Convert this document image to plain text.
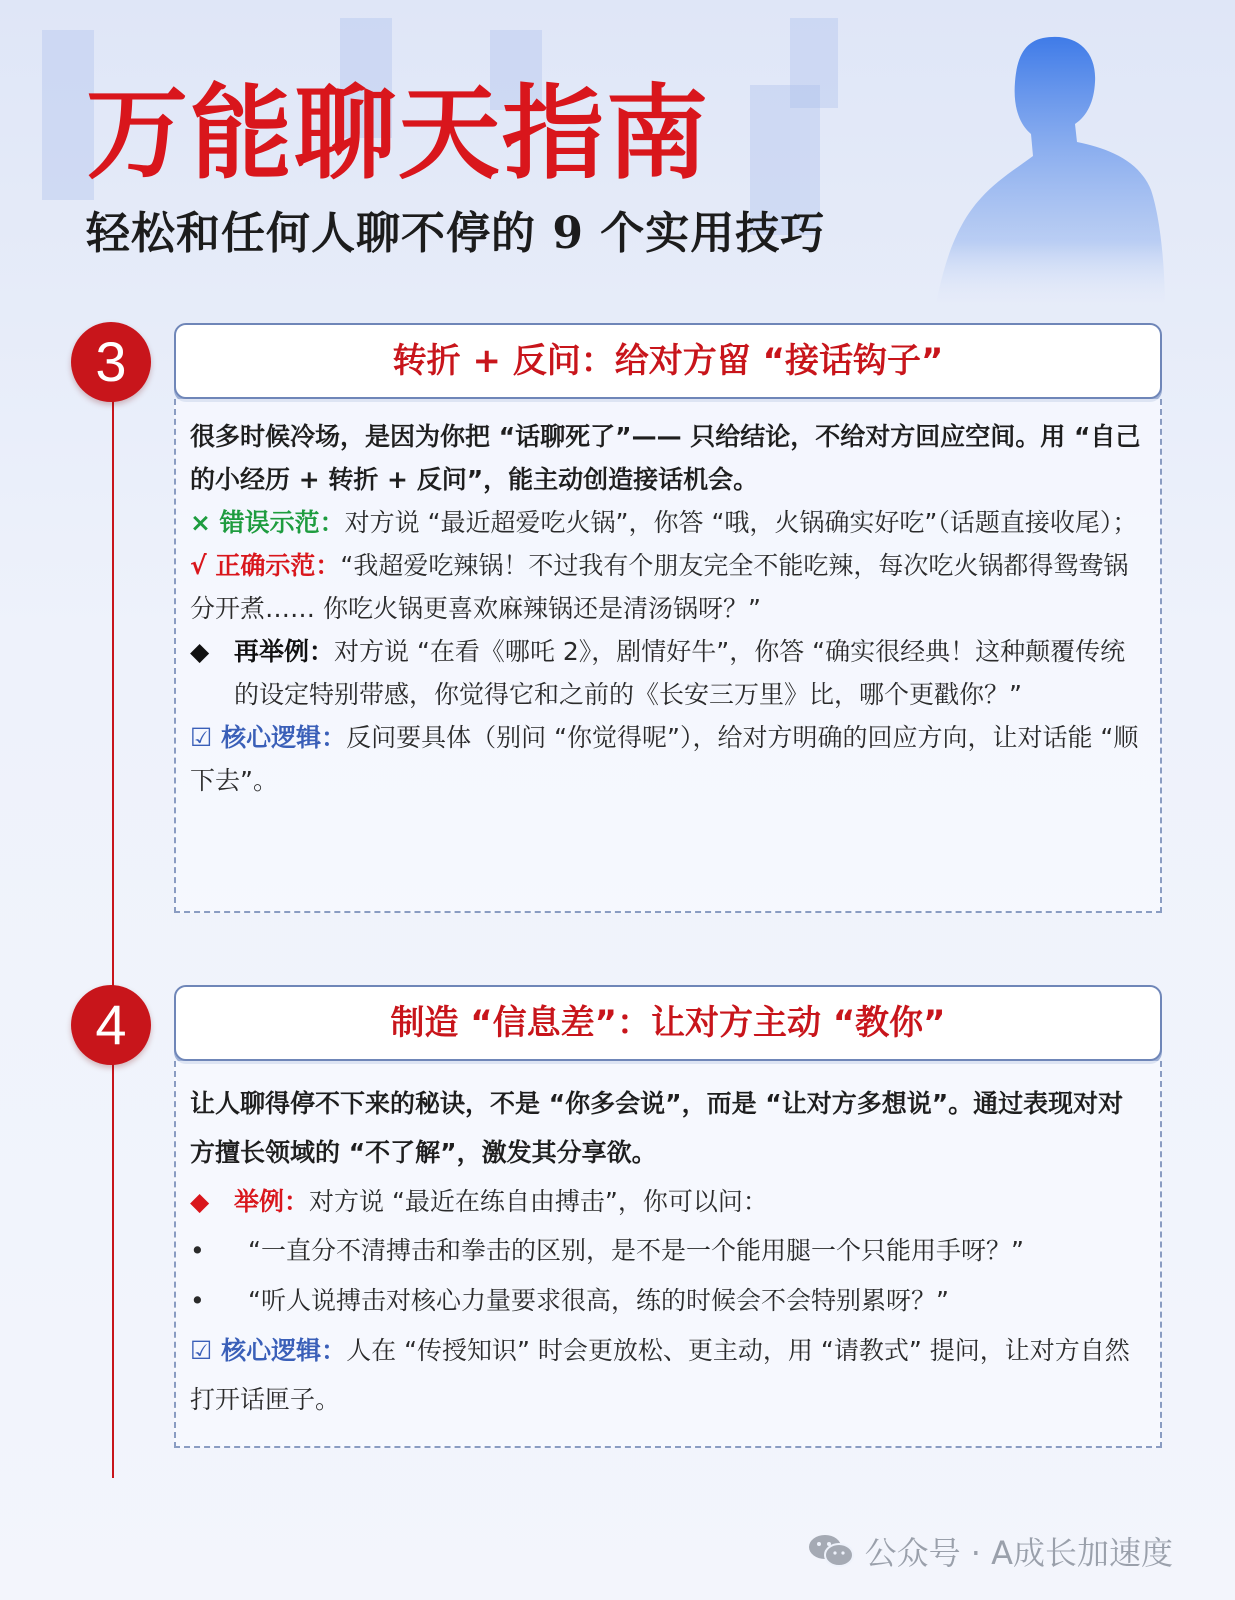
万能聊天指南
轻松和任何人聊不停的 9 个实用技巧
3	转折 + 反问：给对方留 “接话钩子”

很多时候冷场，是因为你把 “话聊死了”—— 只给结论，不给对方回应空间。用 “自己的小经历 + 转折 + 反问”，能主动创造接话机会。

× 错误示范：对方说 “最近超爱吃火锅”，你答 “哦，火锅确实好吃”（话题直接收尾）；

√ 正确示范：“我超爱吃辣锅！不过我有个朋友完全不能吃辣，每次吃火锅都得鸳鸯锅分开煮…… 你吃火锅更喜欢麻辣锅还是清汤锅呀？”

◆ 再举例：对方说 “在看《哪吒 2》，剧情好牛”，你答 “确实很经典！这种颠覆传统的设定特别带感，你觉得它和之前的《长安三万里》比，哪个更戳你？”

☑ 核心逻辑：反问要具体（别问 “你觉得呢”），给对方明确的回应方向，让对话能 “顺下去”。

4	制造 “信息差”：让对方主动 “教你”

让人聊得停不下来的秘诀，不是 “你多会说”，而是 “让对方多想说”。通过表现对对方擅长领域的 “不了解”，激发其分享欲。

◆ 举例：对方说 “最近在练自由搏击”，你可以问：

•	“一直分不清搏击和拳击的区别，是不是一个能用腿一个只能用手呀？”
•	“听人说搏击对核心力量要求很高，练的时候会不会特别累呀？”

☑ 核心逻辑：人在 “传授知识” 时会更放松、更主动，用 “请教式” 提问，让对方自然打开话匣子。

公众号 · A成长加速度
